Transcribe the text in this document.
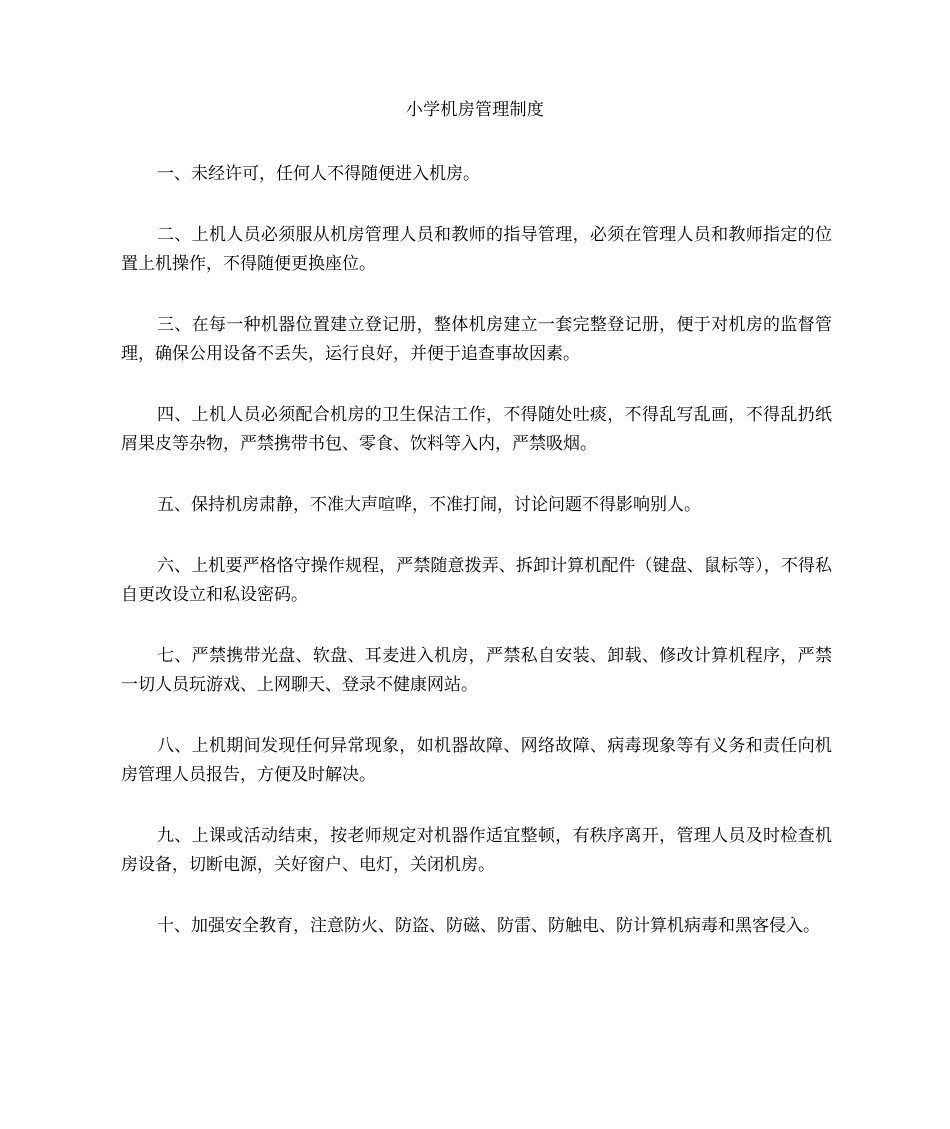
小学机房管理制度

一、未经许可，任何人不得随便进入机房。

二、上机人员必须服从机房管理人员和教师的指导管理，必须在管理人员和教师指定的位置上机操作，不得随便更换座位。

三、在每一种机器位置建立登记册，整体机房建立一套完整登记册，便于对机房的监督管理，确保公用设备不丢失，运行良好，并便于追查事故因素。

四、上机人员必须配合机房的卫生保洁工作，不得随处吐痰，不得乱写乱画，不得乱扔纸屑果皮等杂物，严禁携带书包、零食、饮料等入内，严禁吸烟。

五、保持机房肃静，不准大声喧哗，不准打闹，讨论问题不得影响别人。

六、上机要严格恪守操作规程，严禁随意拨弄、拆卸计算机配件（键盘、鼠标等），不得私自更改设立和私设密码。

七、严禁携带光盘、软盘、耳麦进入机房，严禁私自安装、卸载、修改计算机程序，严禁一切人员玩游戏、上网聊天、登录不健康网站。

八、上机期间发现任何异常现象，如机器故障、网络故障、病毒现象等有义务和责任向机房管理人员报告，方便及时解决。

九、上课或活动结束，按老师规定对机器作适宜整顿，有秩序离开，管理人员及时检查机房设备，切断电源，关好窗户、电灯，关闭机房。

十、加强安全教育，注意防火、防盗、防磁、防雷、防触电、防计算机病毒和黑客侵入。
